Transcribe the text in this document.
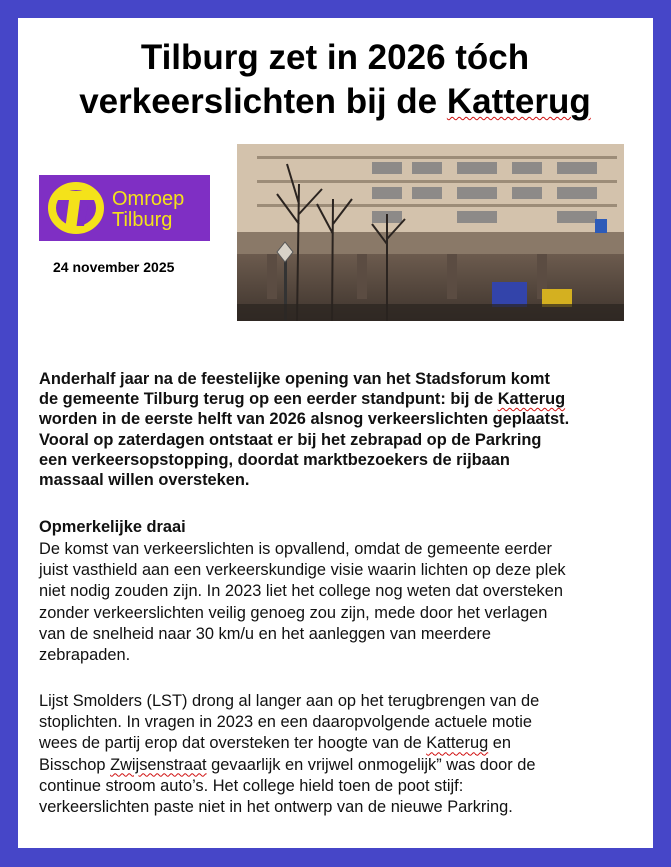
Tilburg zet in 2026 tóch
verkeerslichten bij de Katterug
Omroep
Tilburg
24 november 2025

Anderhalf jaar na de feestelijke opening van het Stadsforum komt
de gemeente Tilburg terug op een eerder standpunt: bij de Katterug
worden in de eerste helft van 2026 alsnog verkeerslichten geplaatst.
Vooral op zaterdagen ontstaat er bij het zebrapad op de Parkring
een verkeersopstopping, doordat marktbezoekers de rijbaan
massaal willen oversteken.

Opmerkelijke draai

De komst van verkeerslichten is opvallend, omdat de gemeente eerder
juist vasthield aan een verkeerskundige visie waarin lichten op deze plek
niet nodig zouden zijn. In 2023 liet het college nog weten dat oversteken
zonder verkeerslichten veilig genoeg zou zijn, mede door het verlagen
van de snelheid naar 30 km/u en het aanleggen van meerdere
zebrapaden.

Lijst Smolders (LST) drong al langer aan op het terugbrengen van de
stoplichten. In vragen in 2023 en een daaropvolgende actuele motie
wees de partij erop dat oversteken ter hoogte van de Katterug en
Bisschop Zwijsenstraat gevaarlijk en vrijwel onmogelijk” was door de
continue stroom auto’s. Het college hield toen de poot stijf:
verkeerslichten paste niet in het ontwerp van de nieuwe Parkring.
